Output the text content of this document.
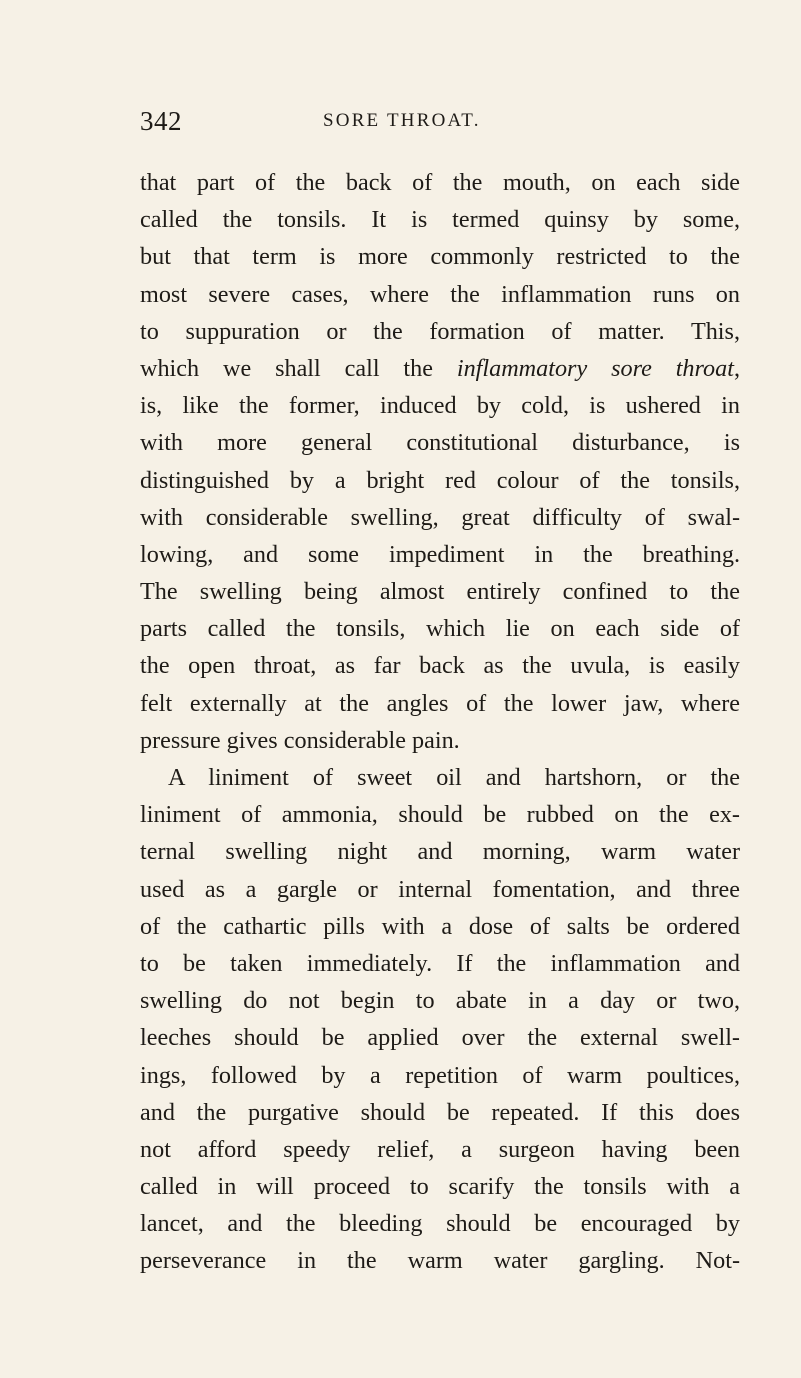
342	SORE THROAT.
that part of the back of the mouth, on each side
called the tonsils. It is termed quinsy by some,
but that term is more commonly restricted to the
most severe cases, where the inflammation runs on
to suppuration or the formation of matter. This,
which we shall call the inflammatory sore throat,
is, like the former, induced by cold, is ushered in
with more general constitutional disturbance, is
distinguished by a bright red colour of the tonsils,
with considerable swelling, great difficulty of swal-
lowing, and some impediment in the breathing.
The swelling being almost entirely confined to the
parts called the tonsils, which lie on each side of
the open throat, as far back as the uvula, is easily
felt externally at the angles of the lower jaw, where
pressure gives considerable pain.
A liniment of sweet oil and hartshorn, or the
liniment of ammonia, should be rubbed on the ex-
ternal swelling night and morning, warm water
used as a gargle or internal fomentation, and three
of the cathartic pills with a dose of salts be ordered
to be taken immediately. If the inflammation and
swelling do not begin to abate in a day or two,
leeches should be applied over the external swell-
ings, followed by a repetition of warm poultices,
and the purgative should be repeated. If this does
not afford speedy relief, a surgeon having been
called in will proceed to scarify the tonsils with a
lancet, and the bleeding should be encouraged by
perseverance in the warm water gargling. Not-
